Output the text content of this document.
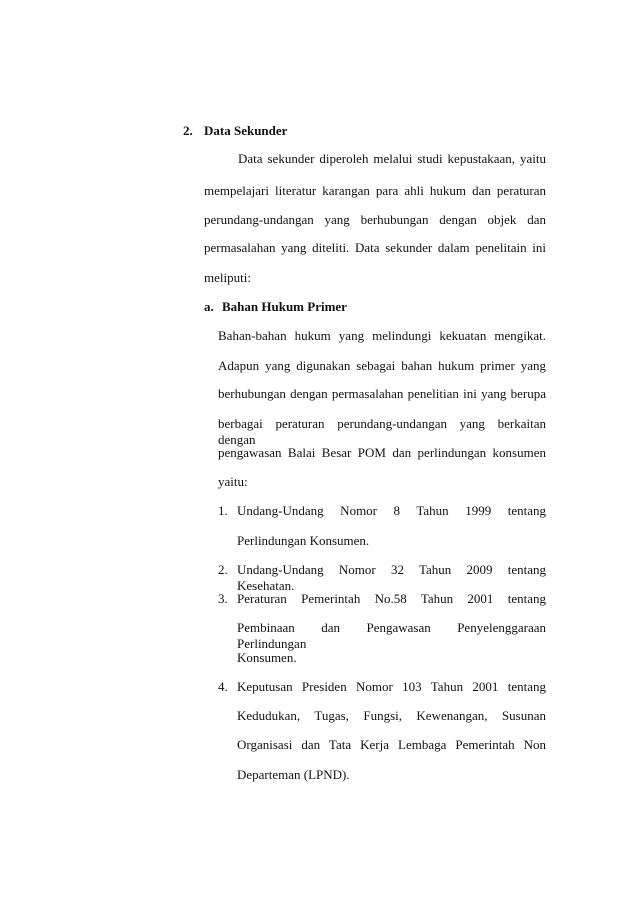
2. Data Sekunder
Data sekunder diperoleh melalui studi kepustakaan, yaitu
mempelajari literatur karangan para ahli hukum dan peraturan
perundang-undangan yang berhubungan dengan objek dan
permasalahan yang diteliti. Data sekunder dalam penelitain ini
meliputi:
a. Bahan Hukum Primer
Bahan-bahan hukum yang melindungi kekuatan mengikat.
Adapun yang digunakan sebagai bahan hukum primer yang
berhubungan dengan permasalahan penelitian ini yang berupa
berbagai peraturan perundang-undangan yang berkaitan dengan
pengawasan Balai Besar POM dan perlindungan konsumen
yaitu:
1. Undang-Undang Nomor 8 Tahun 1999 tentang
Perlindungan Konsumen.
2. Undang-Undang Nomor 32 Tahun 2009 tentang Kesehatan.
3. Peraturan Pemerintah No.58 Tahun 2001 tentang
Pembinaan dan Pengawasan Penyelenggaraan Perlindungan
Konsumen.
4. Keputusan Presiden Nomor 103 Tahun 2001 tentang
Kedudukan, Tugas, Fungsi, Kewenangan, Susunan
Organisasi dan Tata Kerja Lembaga Pemerintah Non
Departeman (LPND).
